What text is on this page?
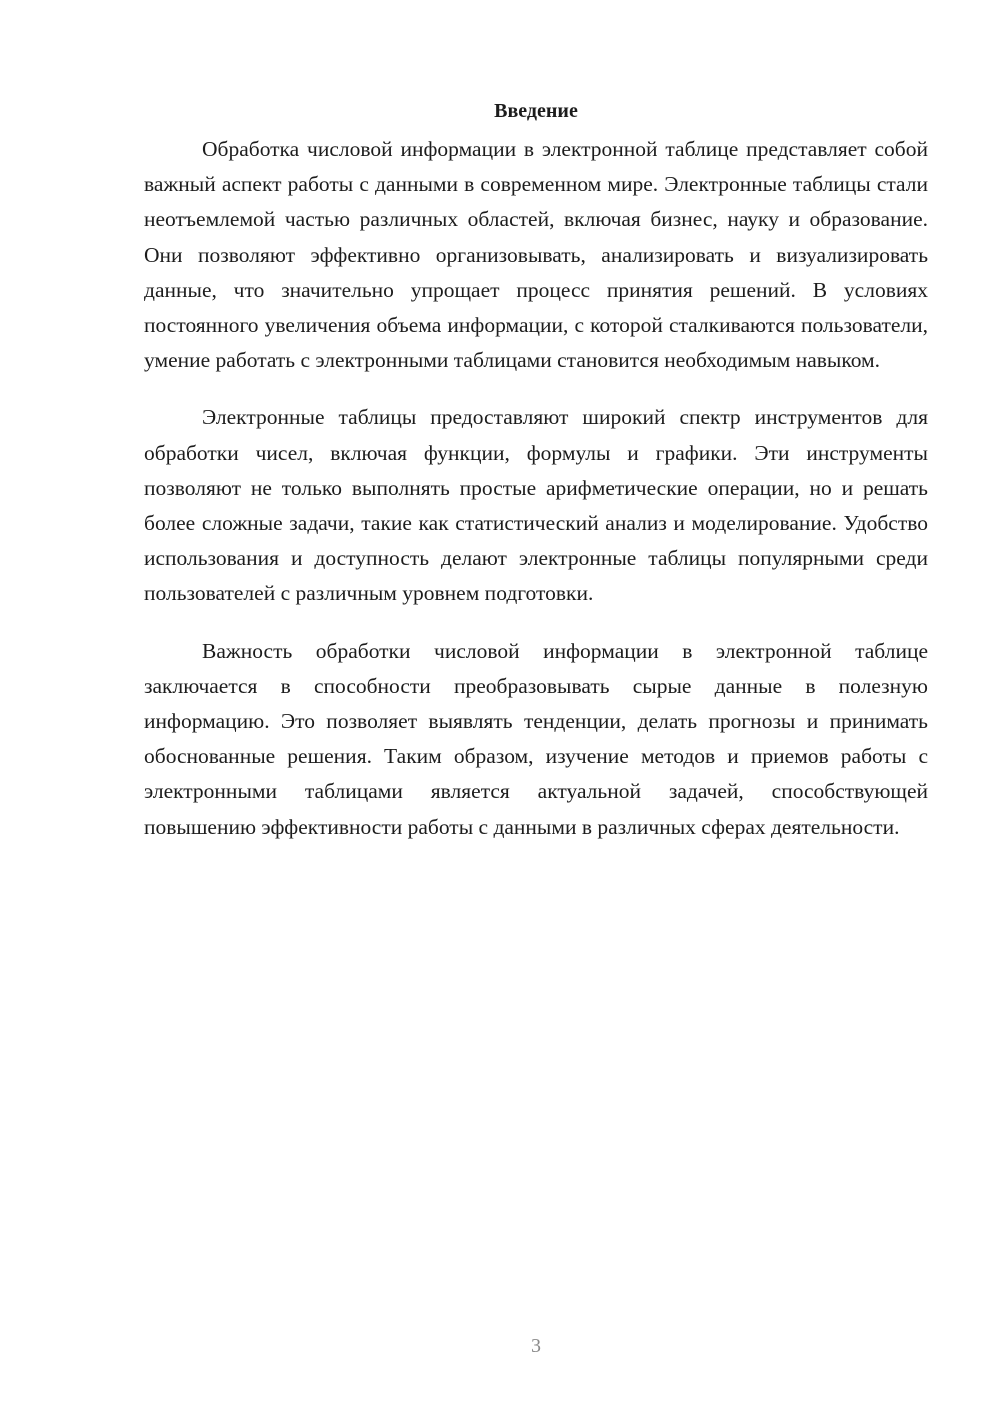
Введение

Обработка числовой информации в электронной таблице представляет собой важный аспект работы с данными в современном мире. Электронные таблицы стали неотъемлемой частью различных областей, включая бизнес, науку и образование. Они позволяют эффективно организовывать, анализировать и визуализировать данные, что значительно упрощает процесс принятия решений. В условиях постоянного увеличения объема информации, с которой сталкиваются пользователи, умение работать с электронными таблицами становится необходимым навыком.

Электронные таблицы предоставляют широкий спектр инструментов для обработки чисел, включая функции, формулы и графики. Эти инструменты позволяют не только выполнять простые арифметические операции, но и решать более сложные задачи, такие как статистический анализ и моделирование. Удобство использования и доступность делают электронные таблицы популярными среди пользователей с различным уровнем подготовки.

Важность обработки числовой информации в электронной таблице заключается в способности преобразовывать сырые данные в полезную информацию. Это позволяет выявлять тенденции, делать прогнозы и принимать обоснованные решения. Таким образом, изучение методов и приемов работы с электронными таблицами является актуальной задачей, способствующей повышению эффективности работы с данными в различных сферах деятельности.

3
